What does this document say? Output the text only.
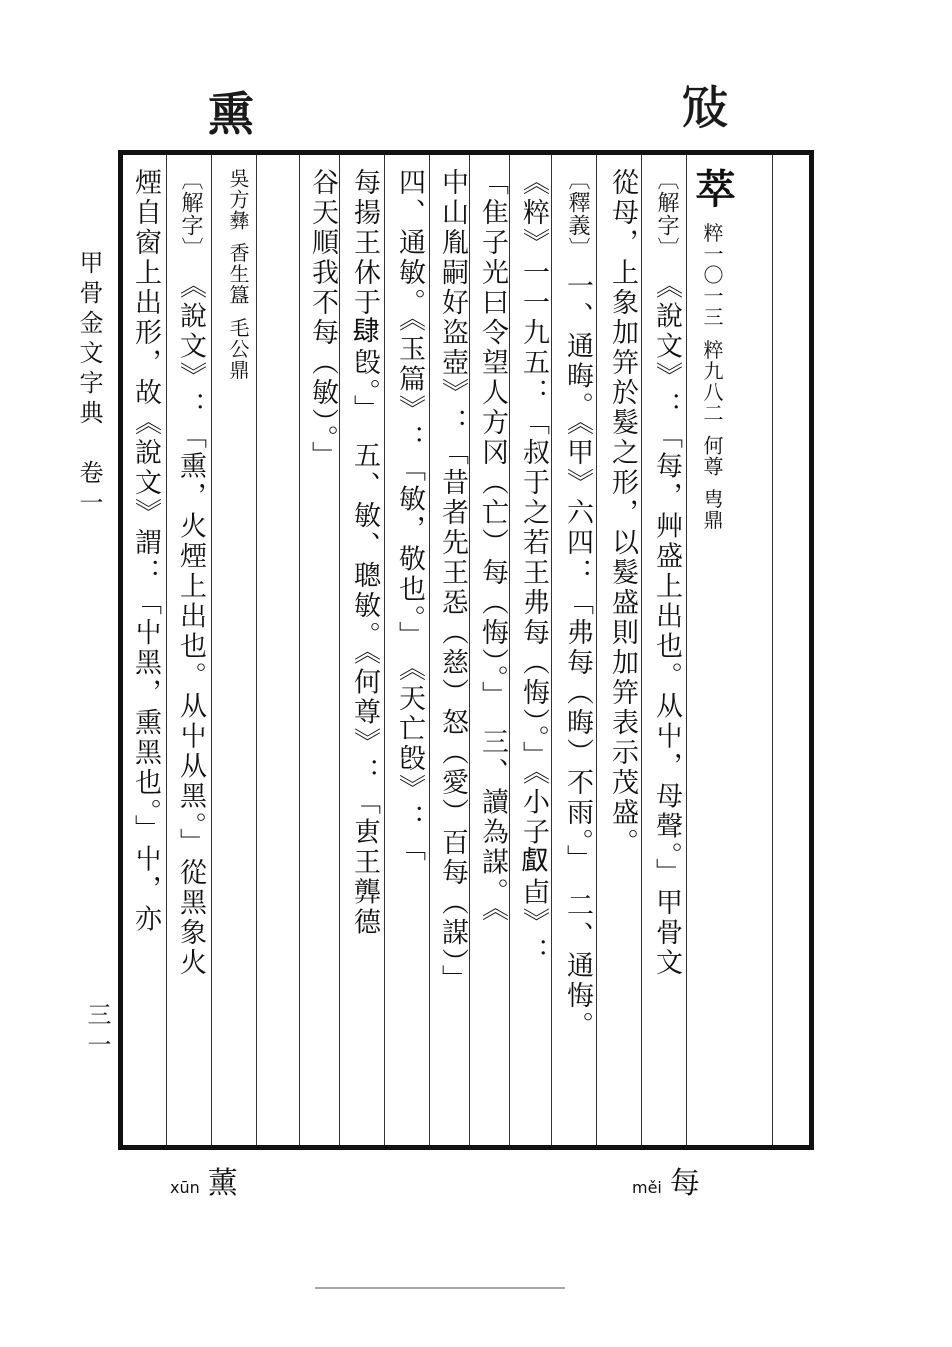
𢼀
熏
甲骨金文字典　卷一
三一
萃 粹一〇一三 粹九八二 何尊 㽕鼎
〔解字〕 《說文》：「每，艸盛上出也。从屮，母聲。」甲骨文
從母，上象加笄於髮之形，以髮盛則加笄表示茂盛。
〔釋義〕 一、通晦。《甲》六四：「弗每（晦）不雨。」　二、通悔。
《粹》一一九五：「叔于之若王弗每（悔）。」《小子𠭯卣》：
「隹子光曰令望人方冈（亡）每（悔）。」　三、讀為謀。《
中山胤嗣好盗壺》：「昔者先王㤅（慈）怒（愛）百每（謀）」
四、通敏。《玉篇》：「敏，敬也。」　《天亡𣪘》：「
每揚王休于𨽸𣪘。」　五、敏、聰敏。《何尊》：「叀王龏德
谷天順我不每（敏）。」
吳方彝 香生簋 毛公鼎
〔解字〕 《說文》：「熏，火煙上出也。从屮从黑。」從黑象火
煙自窗上出形，故《說文》謂：「屮黑，熏黑也。」屮，亦
měi 每
xūn 薰
